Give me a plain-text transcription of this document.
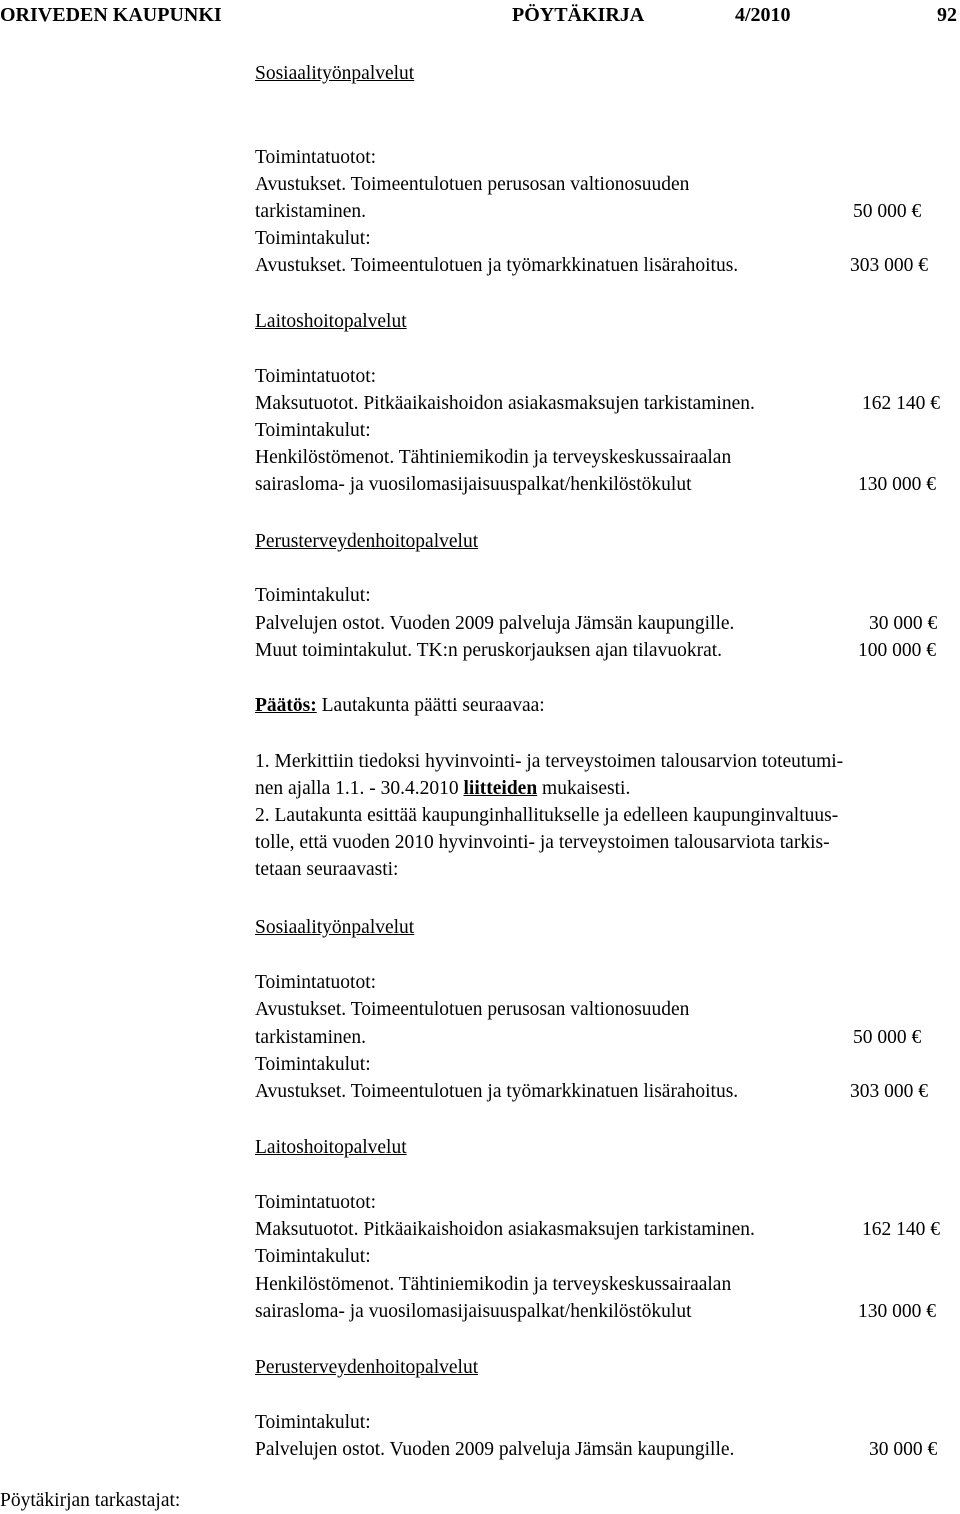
ORIVEDEN KAUPUNKI	PÖYTÄKIRJA	4/2010	92
Sosiaalityönpalvelut
Toimintatuotot:
Avustukset. Toimeentulotuen perusosan valtionosuuden
tarkistaminen.	50 000 €
Toimintakulut:
Avustukset. Toimeentulotuen ja työmarkkinatuen lisärahoitus.	303 000 €
Laitoshoitopalvelut
Toimintatuotot:
Maksutuotot. Pitkäaikaishoidon asiakasmaksujen tarkistaminen.	162 140 €
Toimintakulut:
Henkilöstömenot. Tähtiniemikodin ja terveyskeskussairaalan
sairasloma- ja vuosilomasijaisuuspalkat/henkilöstökulut	130 000 €
Perusterveydenhoitopalvelut
Toimintakulut:
Palvelujen ostot. Vuoden 2009 palveluja Jämsän kaupungille.	30 000 €
Muut toimintakulut. TK:n peruskorjauksen ajan tilavuokrat.	100 000 €
Päätös: Lautakunta päätti seuraavaa:
1. Merkittiin tiedoksi hyvinvointi- ja terveystoimen talousarvion toteutumi-
nen ajalla 1.1. - 30.4.2010 liitteiden mukaisesti.
2. Lautakunta esittää kaupunginhallitukselle ja edelleen kaupunginvaltuus-
tolle, että vuoden 2010 hyvinvointi- ja terveystoimen talousarviota tarkis-
tetaan seuraavasti:
Sosiaalityönpalvelut
Toimintatuotot:
Avustukset. Toimeentulotuen perusosan valtionosuuden
tarkistaminen.	50 000 €
Toimintakulut:
Avustukset. Toimeentulotuen ja työmarkkinatuen lisärahoitus.	303 000 €
Laitoshoitopalvelut
Toimintatuotot:
Maksutuotot. Pitkäaikaishoidon asiakasmaksujen tarkistaminen.	162 140 €
Toimintakulut:
Henkilöstömenot. Tähtiniemikodin ja terveyskeskussairaalan
sairasloma- ja vuosilomasijaisuuspalkat/henkilöstökulut	130 000 €
Perusterveydenhoitopalvelut
Toimintakulut:
Palvelujen ostot. Vuoden 2009 palveluja Jämsän kaupungille.	30 000 €
Pöytäkirjan tarkastajat:
